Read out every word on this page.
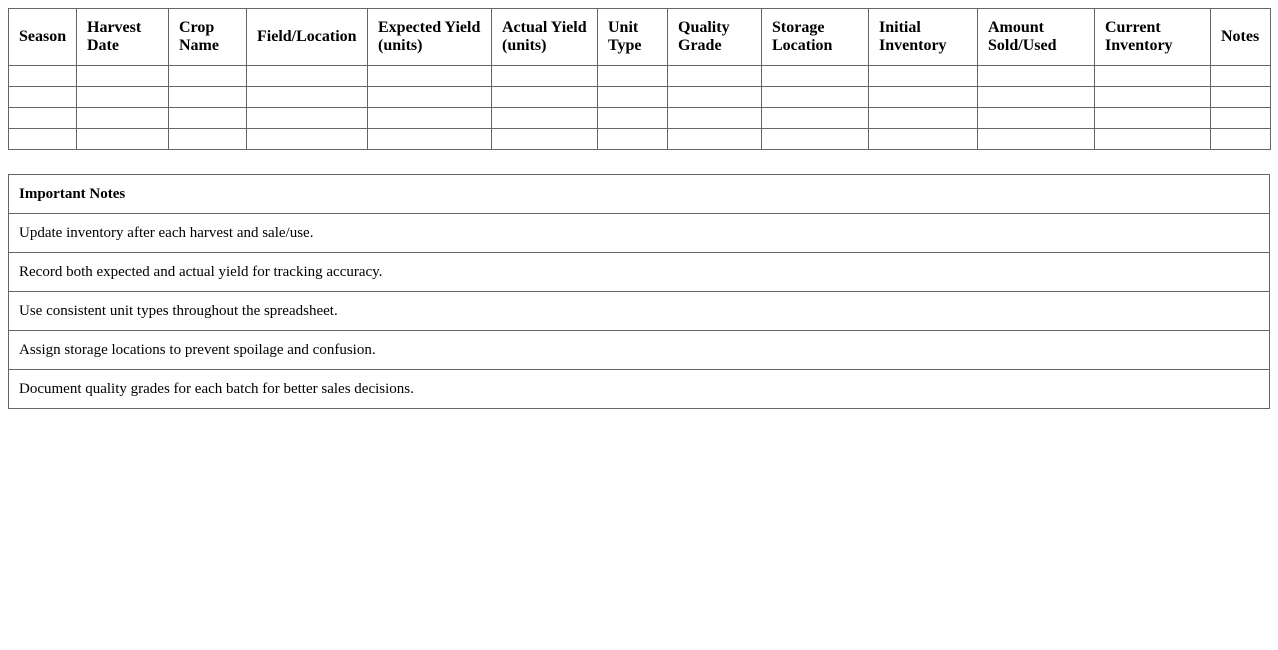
Season	Harvest Date	Crop Name	Field/Location	Expected Yield (units)	Actual Yield (units)	Unit Type	Quality Grade	Storage Location	Initial Inventory	Amount Sold/Used	Current Inventory	Notes

Important Notes
Update inventory after each harvest and sale/use.
Record both expected and actual yield for tracking accuracy.
Use consistent unit types throughout the spreadsheet.
Assign storage locations to prevent spoilage and confusion.
Document quality grades for each batch for better sales decisions.
